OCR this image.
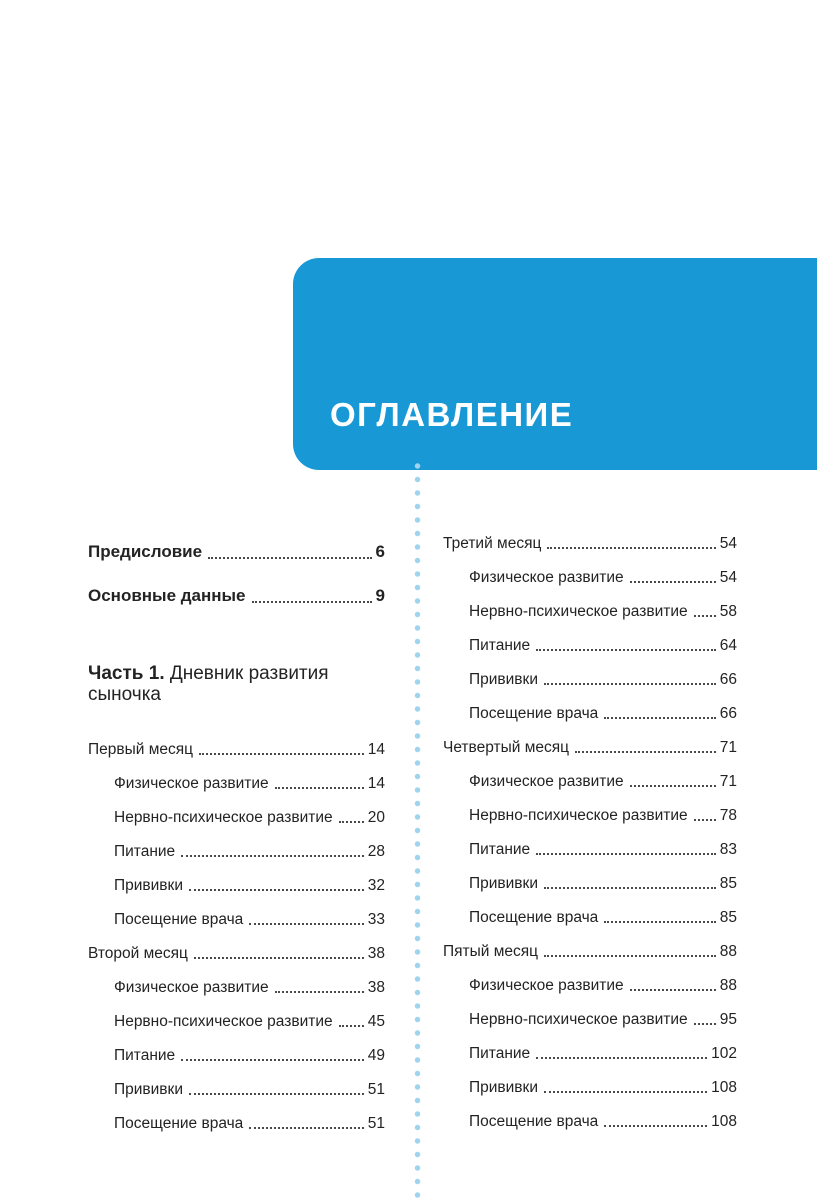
ОГЛАВЛЕНИЕ
Предисловие	6
Основные данные	9
Часть 1. Дневник развития сыночка
Первый месяц	14
Физическое развитие	14
Нервно-психическое развитие 20
Питание	28
Прививки	32
Посещение врача	33
Второй месяц	38
Физическое развитие	38
Нервно-психическое развитие 45
Питание	49
Прививки	51
Посещение врача	51
Третий месяц	54
Физическое развитие	54
Нервно-психическое развитие 58
Питание	64
Прививки	66
Посещение врача	66
Четвертый месяц	71
Физическое развитие	71
Нервно-психическое развитие 78
Питание	83
Прививки	85
Посещение врача	85
Пятый месяц	88
Физическое развитие	88
Нервно-психическое развитие 95
Питание	102
Прививки	108
Посещение врача	108
